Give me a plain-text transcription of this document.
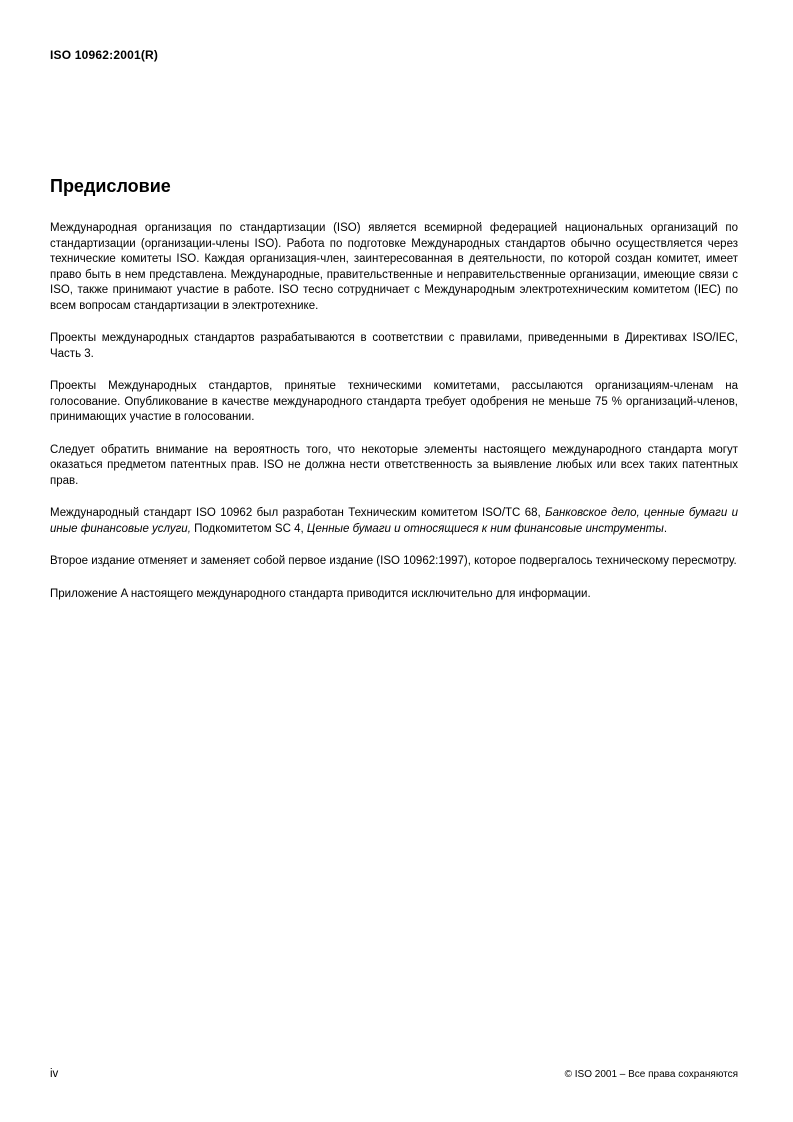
ISO 10962:2001(R)
Предисловие

Международная организация по стандартизации (ISO) является всемирной федерацией национальных организаций по стандартизации (организации-члены ISO). Работа по подготовке Международных стандартов обычно осуществляется через технические комитеты ISO. Каждая организация-член, заинтересованная в деятельности, по которой создан комитет, имеет право быть в нем представлена. Международные, правительственные и неправительственные организации, имеющие связи с ISO, также принимают участие в работе. ISO тесно сотрудничает с Международным электротехническим комитетом (IEC) по всем вопросам стандартизации в электротехнике.

Проекты международных стандартов разрабатываются в соответствии с правилами, приведенными в Директивах ISO/IEC, Часть 3.

Проекты Международных стандартов, принятые техническими комитетами, рассылаются организациям-членам на голосование. Опубликование в качестве международного стандарта требует одобрения не меньше 75 % организаций-членов, принимающих участие в голосовании.

Следует обратить внимание на вероятность того, что некоторые элементы настоящего международного стандарта могут оказаться предметом патентных прав. ISO не должна нести ответственность за выявление любых или всех таких патентных прав.

Международный стандарт ISO 10962 был разработан Техническим комитетом ISO/TC 68, Банковское дело, ценные бумаги и иные финансовые услуги, Подкомитетом SC 4, Ценные бумаги и относящиеся к ним финансовые инструменты.

Второе издание отменяет и заменяет собой первое издание (ISO 10962:1997), которое подвергалось техническому пересмотру.

Приложение A настоящего международного стандарта приводится исключительно для информации.

iv	© ISO 2001 – Все права сохраняются
